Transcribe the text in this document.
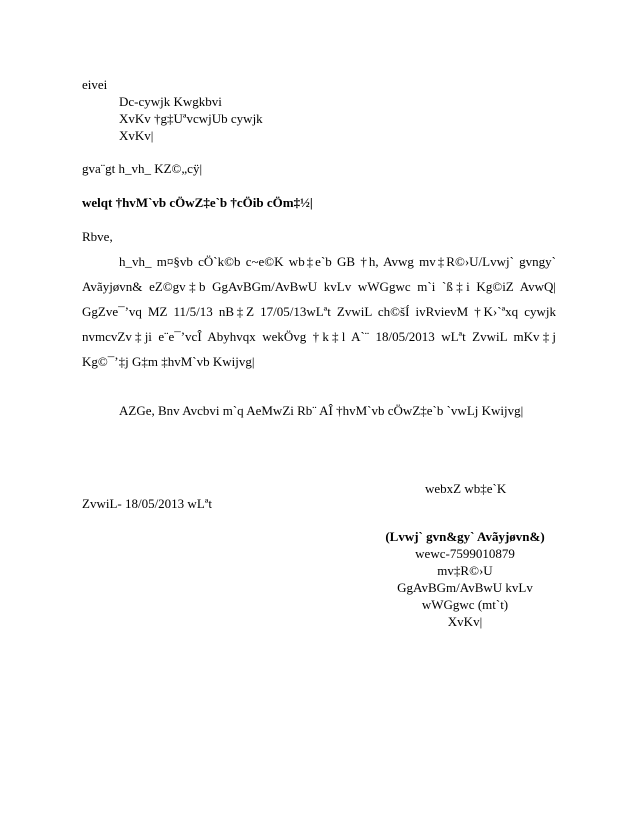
eivei
Dc-cywjk Kwgkbvi
XvKv †g‡UªvcwjUb cywjk
XvKv|
gva¨gt h_vh_ KZ©„cÿ|
welqt †hvM`vb cÖwZ‡e`b †cÖib cÖm‡½|
Rbve,
h_vh_ m¤§vb cÖ`k©b c~e©K wb‡e`b GB †h, Avwg mv‡R©›U/Lvwj` gvngy`
Avãyjøvn& eZ©gv‡b GgAvBGm/AvBwU kvLv wWGgwc m`i `ß‡i Kg©iZ AvwQ|
GgZve¯’vq MZ 11/5/13 nB‡Z 17/05/13wLªt ZvwiL ch©šÍ ivRvievM †K›`ªxq cywjk
nvmcvZv‡ji e¨e¯’vcÎ Abyhvqx wekÖvg †k‡l A`¨ 18/05/2013 wLªt ZvwiL mKv‡j
Kg©¯’‡j G‡m ‡hvM`vb Kwijvg|
AZGe, Bnv Avcbvi m`q AeMwZi Rb¨ AÎ †hvM`vb cÖwZ‡e`b `vwLj Kwijvg|
webxZ wb‡e`K
ZvwiL- 18/05/2013 wLªt
(Lvwj` gvn&gy` Avãyjøvn&)
wewc-7599010879
mv‡R©›U
GgAvBGm/AvBwU kvLv
wWGgwc (mt`t)
XvKv|
